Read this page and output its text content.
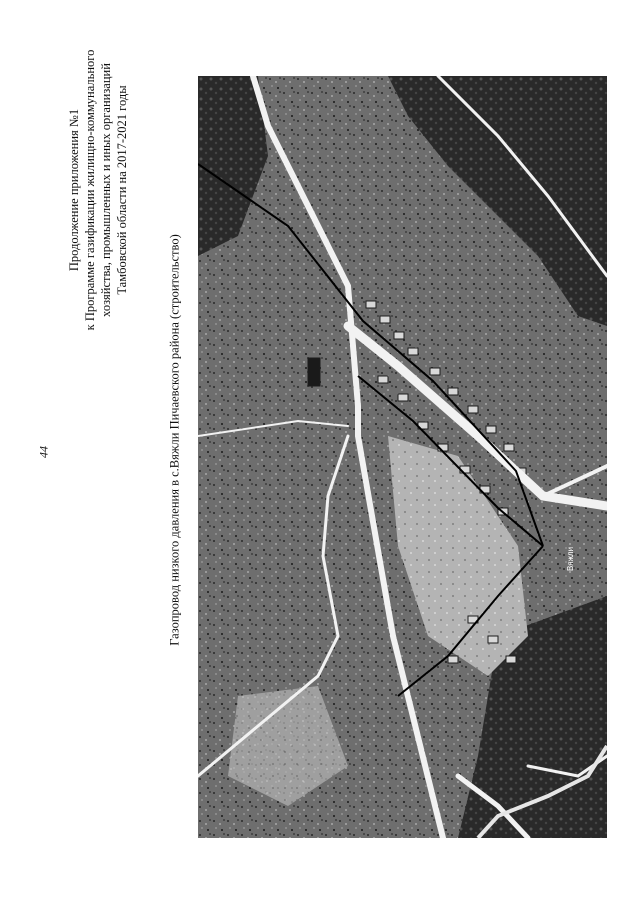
44
Продолжение приложения №1 к Программе газификации жилищно-коммунального хозяйства, промышленных и иных организаций Тамбовской области на 2017-2021 годы
Газопровод низкого давления в с.Вяжли Пичаевского района (строительство)	Вяжли
